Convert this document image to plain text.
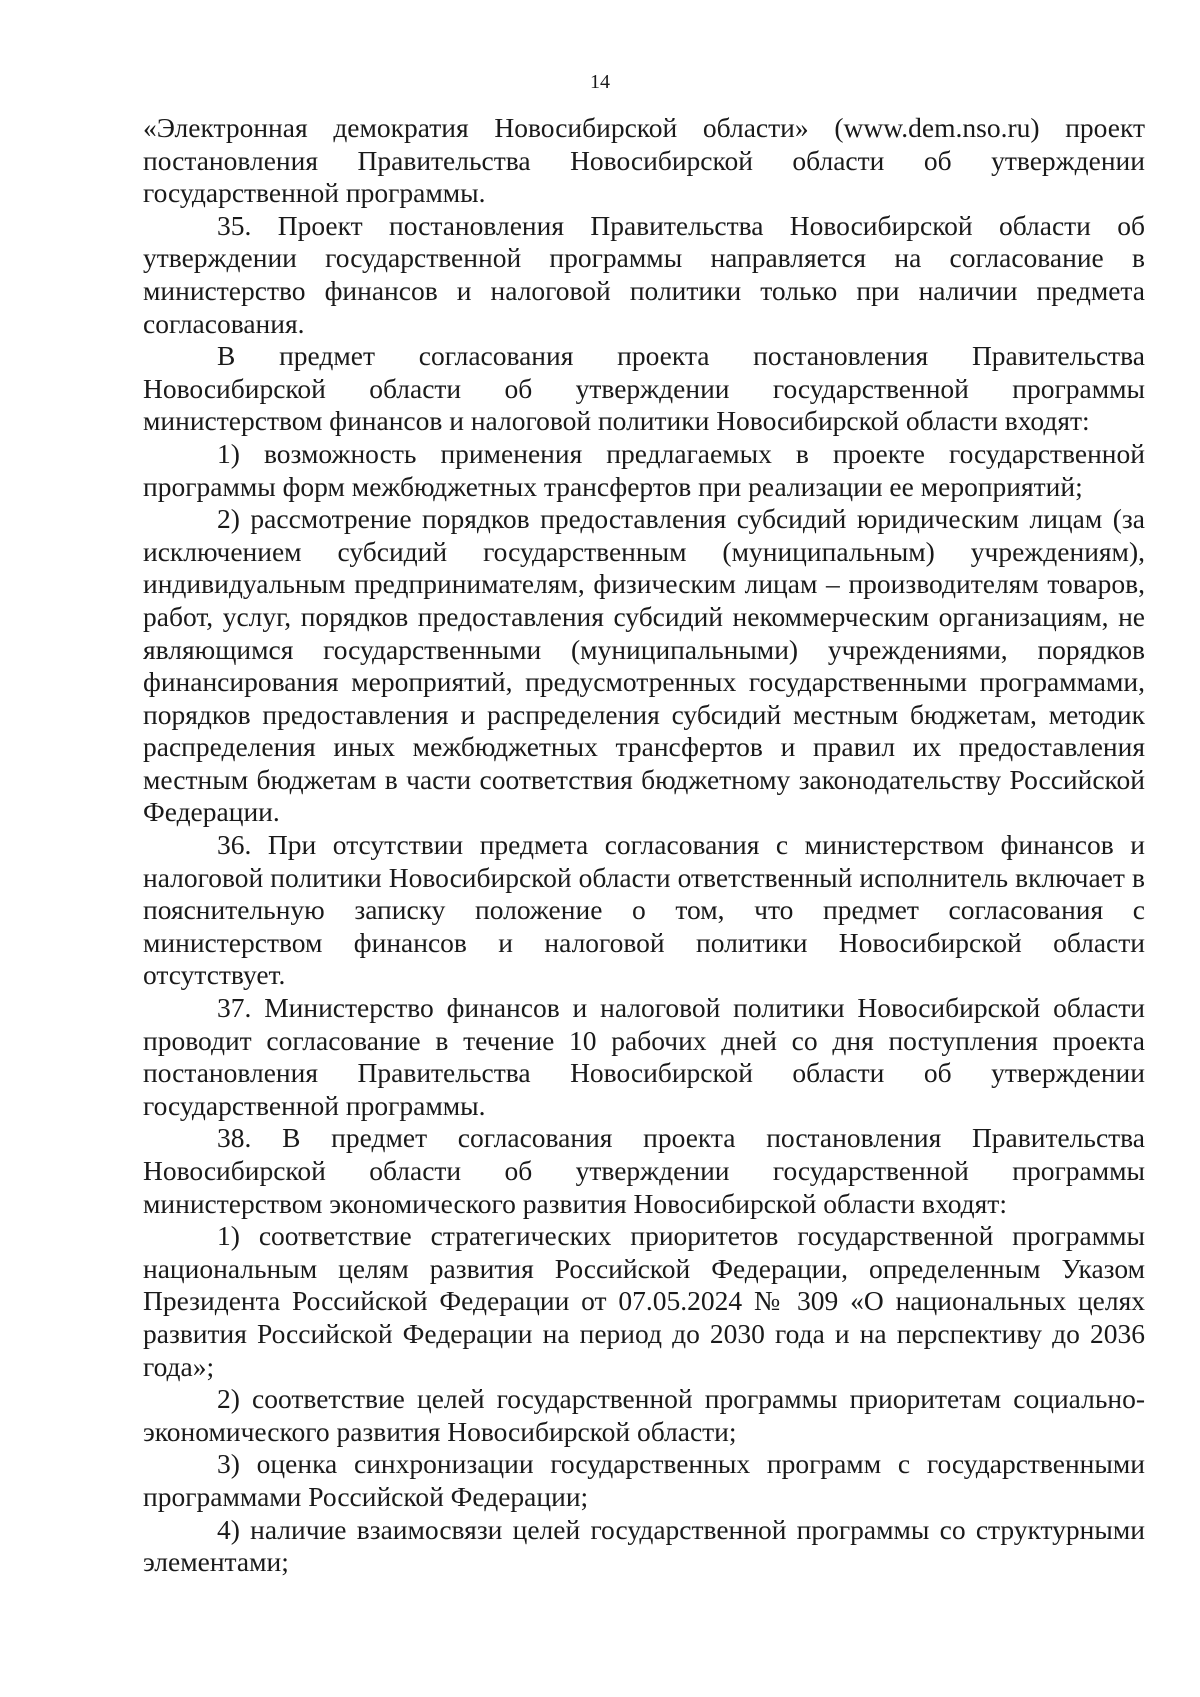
14

«Электронная демократия Новосибирской области» (www.dem.nso.ru) проект постановления Правительства Новосибирской области об утверждении государственной программы.

35. Проект постановления Правительства Новосибирской области об утверждении государственной программы направляется на согласование в министерство финансов и налоговой политики только при наличии предмета согласования.

В предмет согласования проекта постановления Правительства Новосибирской области об утверждении государственной программы министерством финансов и налоговой политики Новосибирской области входят:

1) возможность применения предлагаемых в проекте государственной программы форм межбюджетных трансфертов при реализации ее мероприятий;

2) рассмотрение порядков предоставления субсидий юридическим лицам (за исключением субсидий государственным (муниципальным) учреждениям), индивидуальным предпринимателям, физическим лицам – производителям товаров, работ, услуг, порядков предоставления субсидий некоммерческим организациям, не являющимся государственными (муниципальными) учреждениями, порядков финансирования мероприятий, предусмотренных государственными программами, порядков предоставления и распределения субсидий местным бюджетам, методик распределения иных межбюджетных трансфертов и правил их предоставления местным бюджетам в части соответствия бюджетному законодательству Российской Федерации.

36. При отсутствии предмета согласования с министерством финансов и налоговой политики Новосибирской области ответственный исполнитель включает в пояснительную записку положение о том, что предмет согласования с министерством финансов и налоговой политики Новосибирской области отсутствует.

37. Министерство финансов и налоговой политики Новосибирской области проводит согласование в течение 10 рабочих дней со дня поступления проекта постановления Правительства Новосибирской области об утверждении государственной программы.

38. В предмет согласования проекта постановления Правительства Новосибирской области об утверждении государственной программы министерством экономического развития Новосибирской области входят:

1) соответствие стратегических приоритетов государственной программы национальным целям развития Российской Федерации, определенным Указом Президента Российской Федерации от 07.05.2024 № 309 «О национальных целях развития Российской Федерации на период до 2030 года и на перспективу до 2036 года»;

2) соответствие целей государственной программы приоритетам социально-экономического развития Новосибирской области;

3) оценка синхронизации государственных программ с государственными программами Российской Федерации;

4) наличие взаимосвязи целей государственной программы со структурными элементами;
